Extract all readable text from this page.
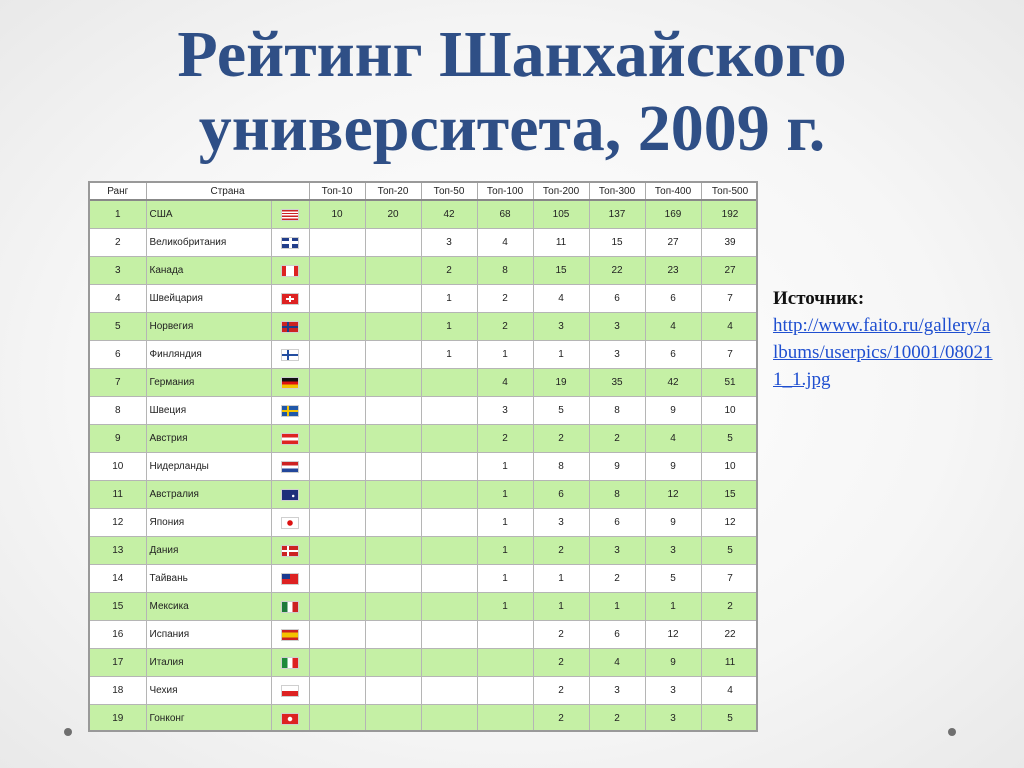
Рейтинг Шанхайского
университета, 2009 г.
Ранг	Страна		Топ-10	Топ-20	Топ-50	Топ-100	Топ-200	Топ-300	Топ-400	Топ-500
1	США		10	20	42	68	105	137	169	192
2	Великобритания				3	4	11	15	27	39
3	Канада				2	8	15	22	23	27
4	Швейцария				1	2	4	6	6	7
5	Норвегия				1	2	3	3	4	4
6	Финляндия				1	1	1	3	6	7
7	Германия					4	19	35	42	51
8	Швеция					3	5	8	9	10
9	Австрия					2	2	2	4	5
10	Нидерланды					1	8	9	9	10
11	Австралия					1	6	8	12	15
12	Япония					1	3	6	9	12
13	Дания					1	2	3	3	5
14	Тайвань					1	1	2	5	7
15	Мексика					1	1	1	1	2
16	Испания						2	6	12	22
17	Италия						2	4	9	11
18	Чехия						2	3	3	4
19	Гонконг						2	2	3	5
Источник:
http://www.faito.ru/gallery/albums/userpics/10001/080211_1.jpg
